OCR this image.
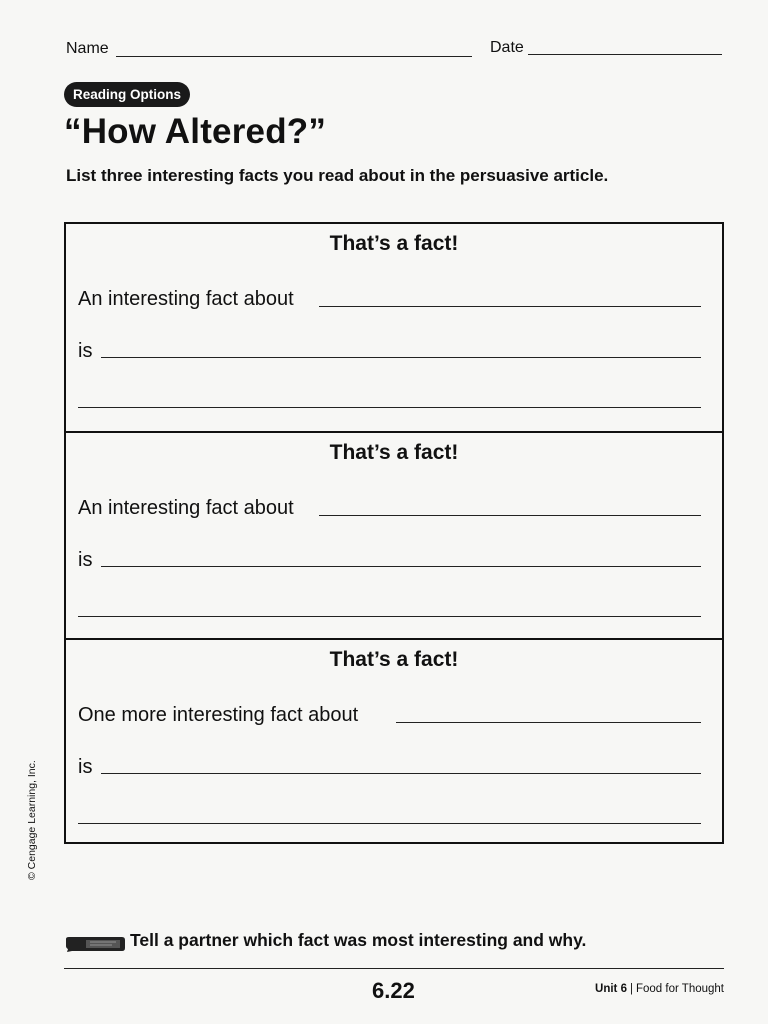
Name	Date
Reading Options
“How Altered?”
List three interesting facts you read about in the persuasive article.
That’s a fact!
An interesting fact about
is
That’s a fact!
An interesting fact about
is
That’s a fact!
One more interesting fact about
is
© Cengage Learning, Inc.
Tell a partner which fact was most interesting and why.
6.22	Unit 6 | Food for Thought
